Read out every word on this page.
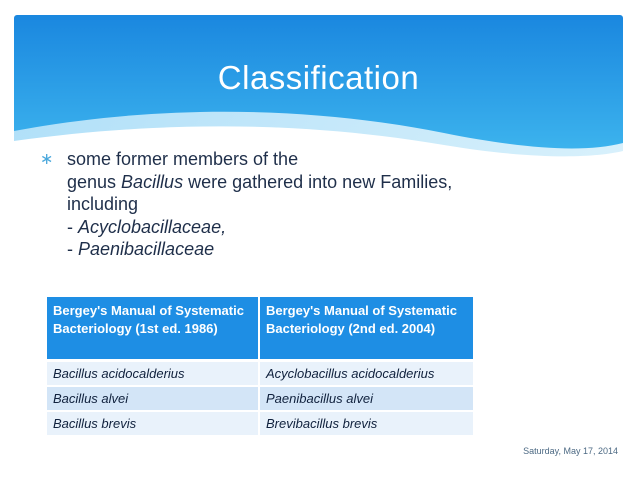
Classification
∗ some former members of the
genus Bacillus were gathered into new Families,
including
- Acyclobacillaceae,
- Paenibacillaceae
Bergey's Manual of Systematic Bacteriology (1st ed. 1986)	Bergey's Manual of Systematic Bacteriology (2nd ed. 2004)
Bacillus acidocalderius	Acyclobacillus acidocalderius
Bacillus alvei	Paenibacillus alvei
Bacillus brevis	Brevibacillus brevis
Saturday, May 17, 2014
